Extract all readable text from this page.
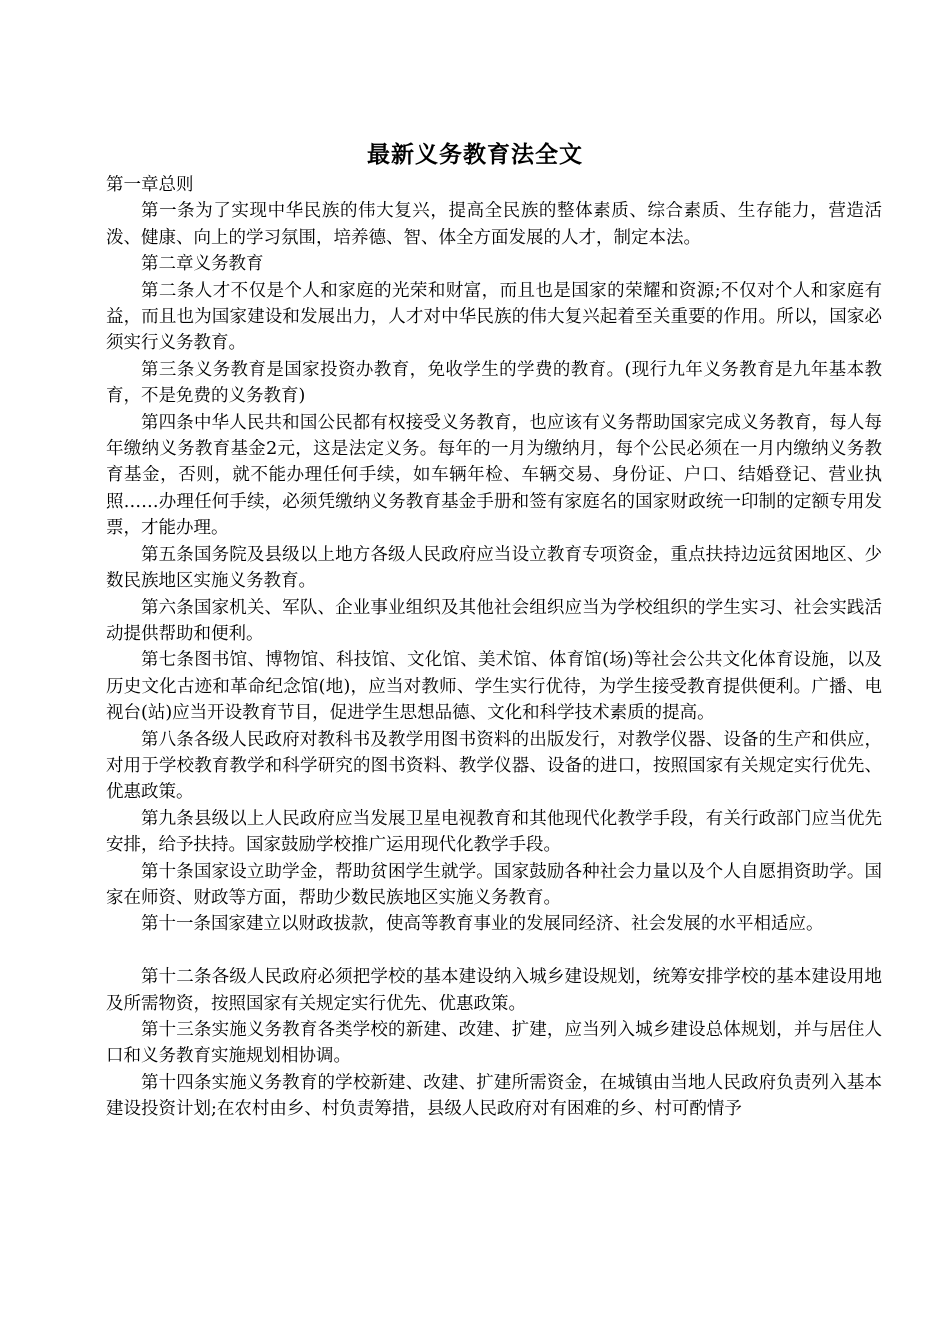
最新义务教育法全文

第一章总则

第一条为了实现中华民族的伟大复兴，提高全民族的整体素质、综合素质、生存能力，营造活泼、健康、向上的学习氛围，培养德、智、体全方面发展的人才，制定本法。

第二章义务教育

第二条人才不仅是个人和家庭的光荣和财富，而且也是国家的荣耀和资源;不仅对个人和家庭有益，而且也为国家建设和发展出力，人才对中华民族的伟大复兴起着至关重要的作用。所以，国家必须实行义务教育。

第三条义务教育是国家投资办教育，免收学生的学费的教育。(现行九年义务教育是九年基本教育，不是免费的义务教育)

第四条中华人民共和国公民都有权接受义务教育，也应该有义务帮助国家完成义务教育，每人每年缴纳义务教育基金2元，这是法定义务。每年的一月为缴纳月，每个公民必须在一月内缴纳义务教育基金，否则，就不能办理任何手续，如车辆年检、车辆交易、身份证、户口、结婚登记、营业执照……办理任何手续，必须凭缴纳义务教育基金手册和签有家庭名的国家财政统一印制的定额专用发票，才能办理。

第五条国务院及县级以上地方各级人民政府应当设立教育专项资金，重点扶持边远贫困地区、少数民族地区实施义务教育。

第六条国家机关、军队、企业事业组织及其他社会组织应当为学校组织的学生实习、社会实践活动提供帮助和便利。

第七条图书馆、博物馆、科技馆、文化馆、美术馆、体育馆(场)等社会公共文化体育设施，以及历史文化古迹和革命纪念馆(地)，应当对教师、学生实行优待，为学生接受教育提供便利。广播、电视台(站)应当开设教育节目，促进学生思想品德、文化和科学技术素质的提高。

第八条各级人民政府对教科书及教学用图书资料的出版发行，对教学仪器、设备的生产和供应，对用于学校教育教学和科学研究的图书资料、教学仪器、设备的进口，按照国家有关规定实行优先、优惠政策。

第九条县级以上人民政府应当发展卫星电视教育和其他现代化教学手段，有关行政部门应当优先安排，给予扶持。国家鼓励学校推广运用现代化教学手段。

第十条国家设立助学金，帮助贫困学生就学。国家鼓励各种社会力量以及个人自愿捐资助学。国家在师资、财政等方面，帮助少数民族地区实施义务教育。

第十一条国家建立以财政拔款，使高等教育事业的发展同经济、社会发展的水平相适应。

第十二条各级人民政府必须把学校的基本建设纳入城乡建设规划，统筹安排学校的基本建设用地及所需物资，按照国家有关规定实行优先、优惠政策。

第十三条实施义务教育各类学校的新建、改建、扩建，应当列入城乡建设总体规划，并与居住人口和义务教育实施规划相协调。

第十四条实施义务教育的学校新建、改建、扩建所需资金，在城镇由当地人民政府负责列入基本建设投资计划;在农村由乡、村负责筹措，县级人民政府对有困难的乡、村可酌情予
